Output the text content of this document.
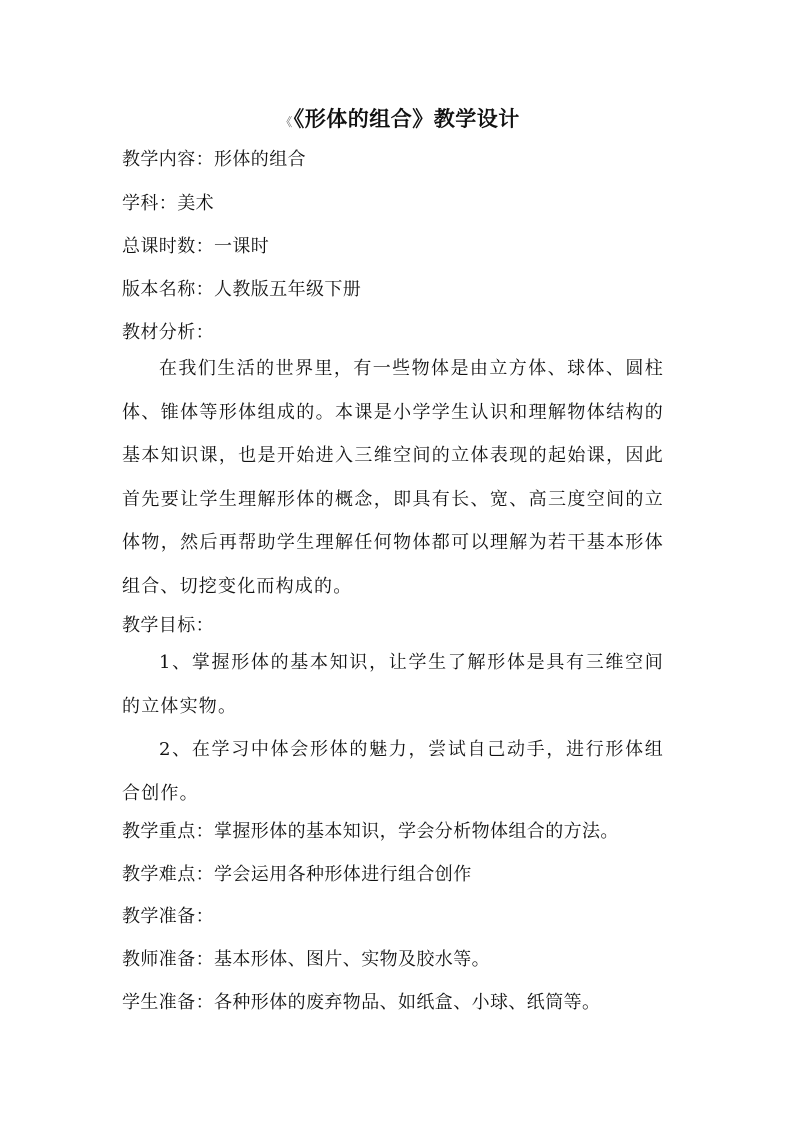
《《形体的组合》教学设计
教学内容：形体的组合
学科：美术
总课时数：一课时
版本名称：人教版五年级下册
教材分析：
在我们生活的世界里，有一些物体是由立方体、球体、圆柱体、锥体等形体组成的。本课是小学学生认识和理解物体结构的基本知识课，也是开始进入三维空间的立体表现的起始课，因此首先要让学生理解形体的概念，即具有长、宽、高三度空间的立体物，然后再帮助学生理解任何物体都可以理解为若干基本形体组合、切挖变化而构成的。
教学目标：
1、掌握形体的基本知识，让学生了解形体是具有三维空间的立体实物。
2、在学习中体会形体的魅力，尝试自己动手，进行形体组合创作。
教学重点：掌握形体的基本知识，学会分析物体组合的方法。
教学难点：学会运用各种形体进行组合创作
教学准备：
教师准备：基本形体、图片、实物及胶水等。
学生准备：各种形体的废弃物品、如纸盒、小球、纸筒等。
